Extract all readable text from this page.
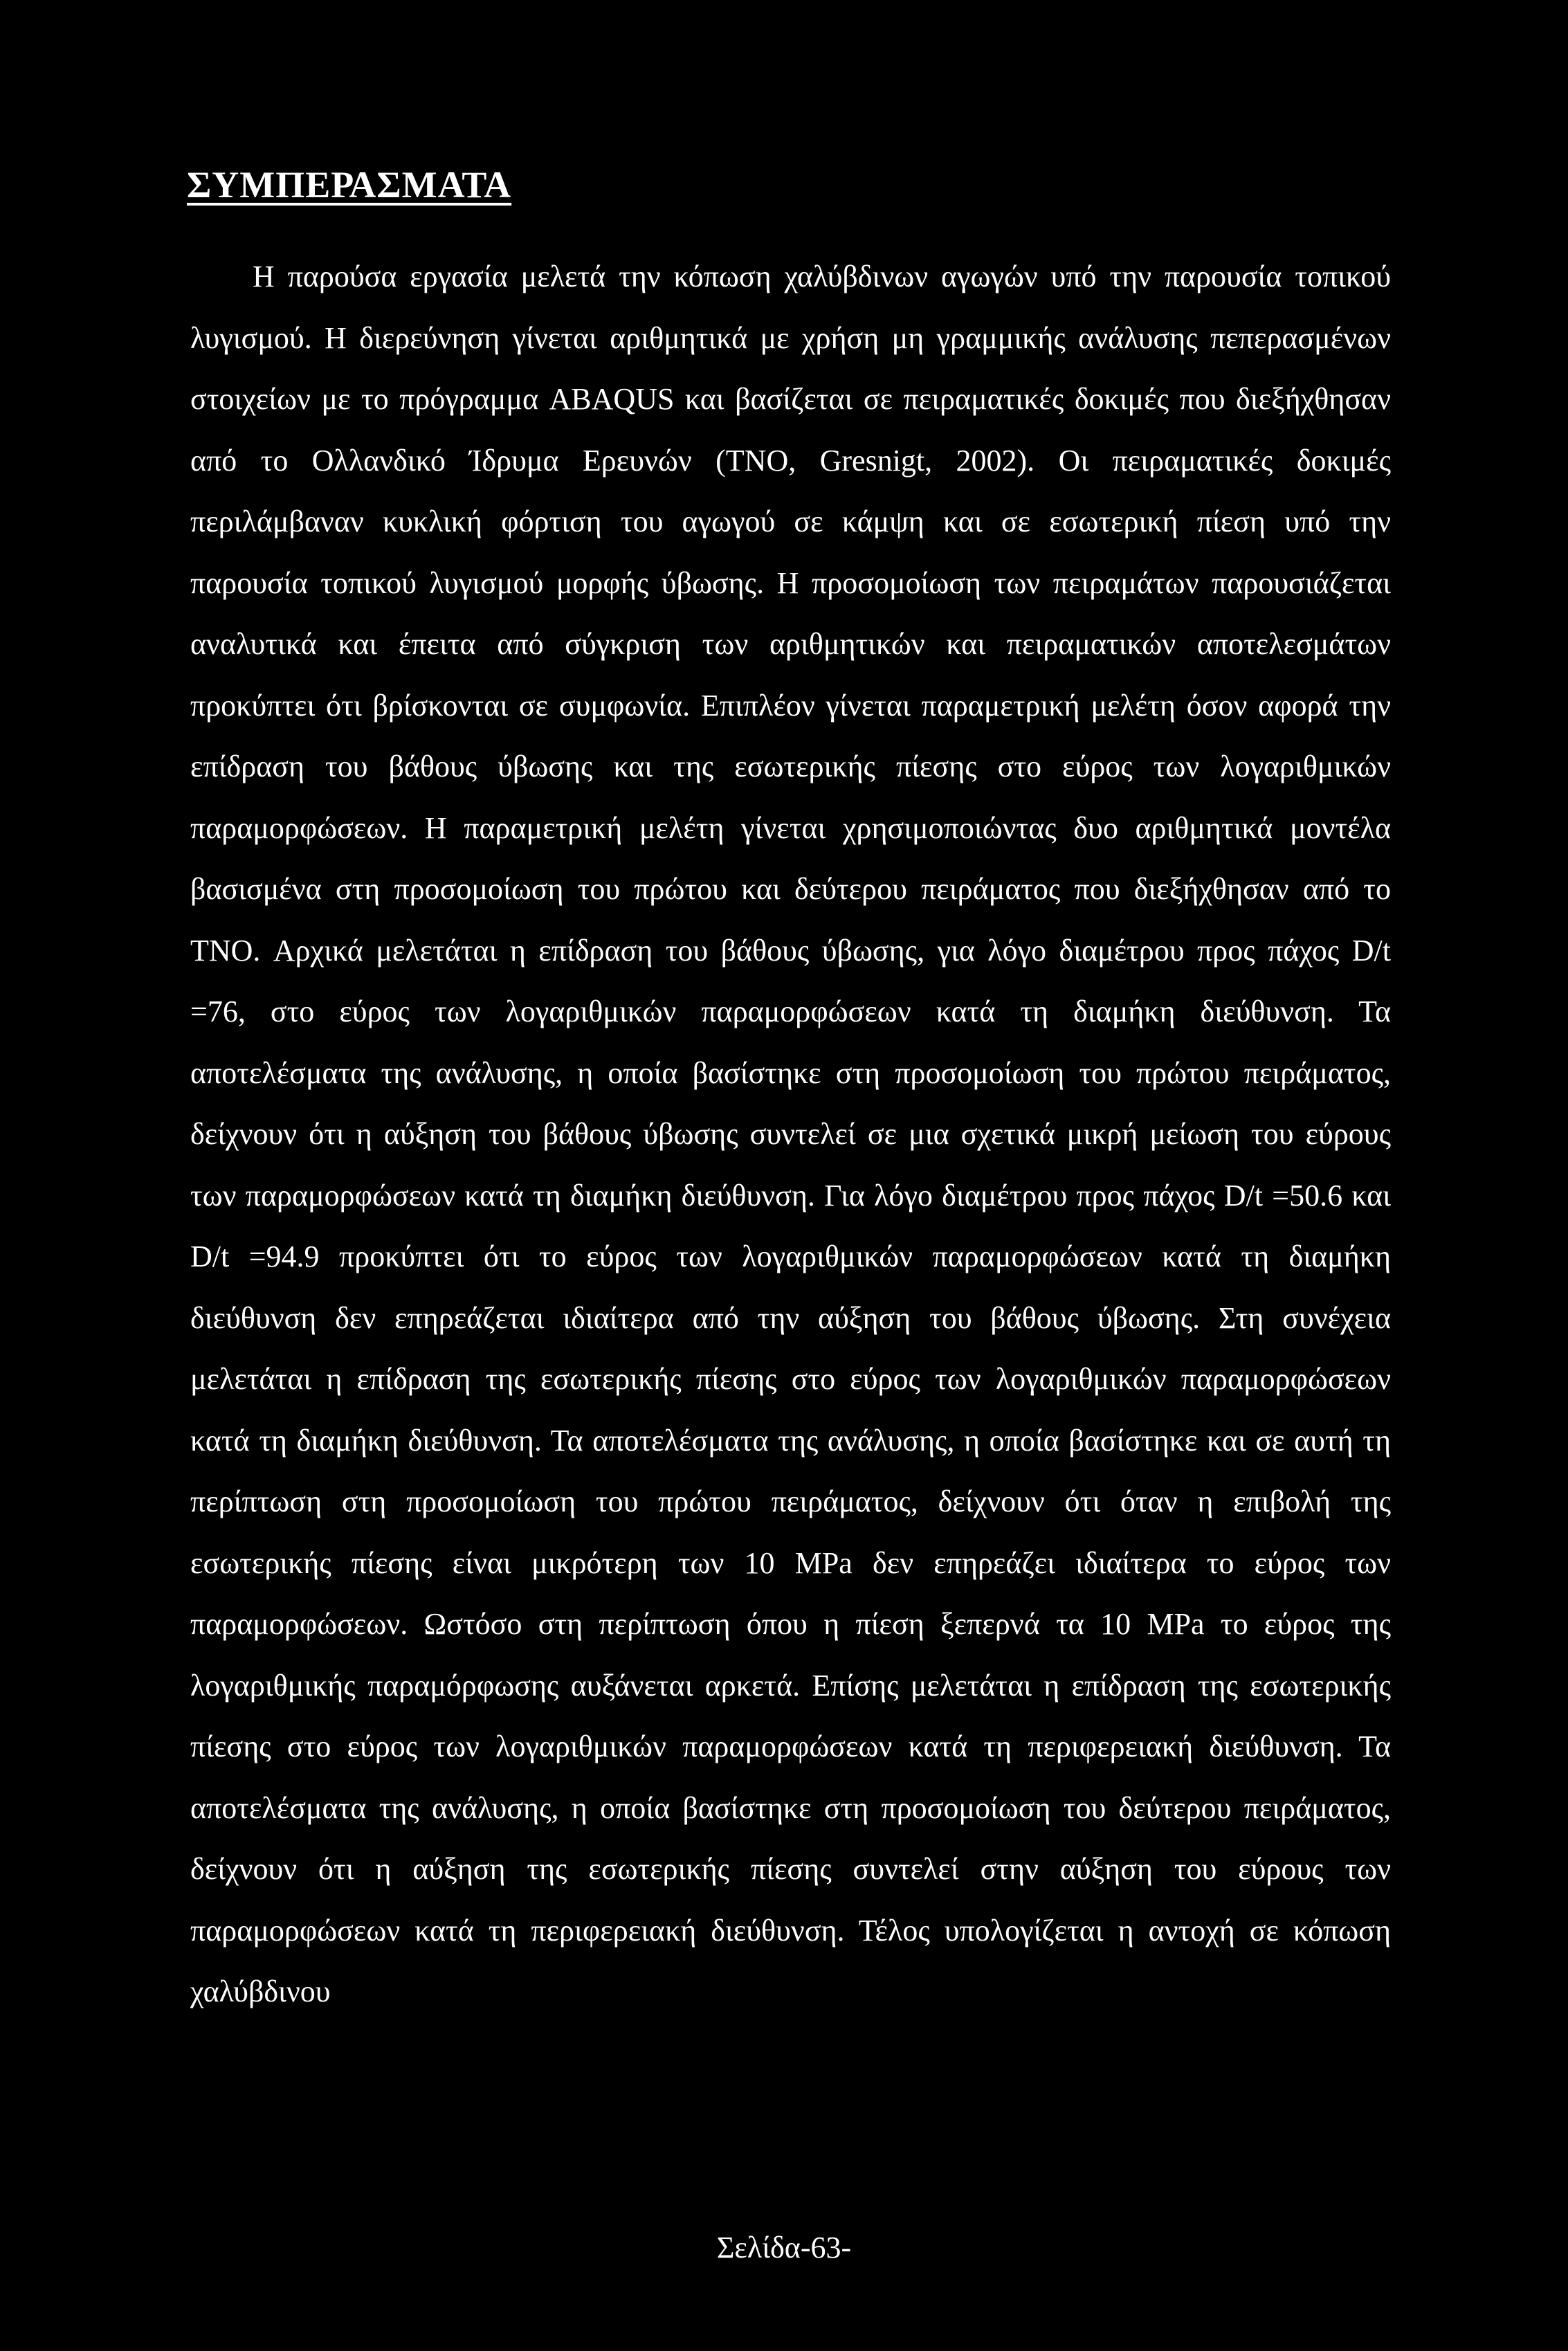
ΣΥΜΠΕΡΑΣΜΑΤΑ

Η παρούσα εργασία μελετά την κόπωση χαλύβδινων αγωγών υπό την παρουσία τοπικού λυγισμού. Η διερεύνηση γίνεται αριθμητικά με χρήση μη γραμμικής ανάλυσης πεπερασμένων στοιχείων με το πρόγραμμα ABAQUS και βασίζεται σε πειραματικές δοκιμές που διεξήχθησαν από το Ολλανδικό Ίδρυμα Ερευνών (TNO, Gresnigt, 2002). Οι πειραματικές δοκιμές περιλάμβαναν κυκλική φόρτιση του αγωγού σε κάμψη και σε εσωτερική πίεση υπό την παρουσία τοπικού λυγισμού μορφής ύβωσης. Η προσομοίωση των πειραμάτων παρουσιάζεται αναλυτικά και έπειτα από σύγκριση των αριθμητικών και πειραματικών αποτελεσμάτων προκύπτει ότι βρίσκονται σε συμφωνία. Επιπλέον γίνεται παραμετρική μελέτη όσον αφορά την επίδραση του βάθους ύβωσης και της εσωτερικής πίεσης στο εύρος των λογαριθμικών παραμορφώσεων. Η παραμετρική μελέτη γίνεται χρησιμοποιώντας δυο αριθμητικά μοντέλα βασισμένα στη προσομοίωση του πρώτου και δεύτερου πειράματος που διεξήχθησαν από το TNO. Αρχικά μελετάται η επίδραση του βάθους ύβωσης, για λόγο διαμέτρου προς πάχος D/t =76, στο εύρος των λογαριθμικών παραμορφώσεων κατά τη διαμήκη διεύθυνση. Τα αποτελέσματα της ανάλυσης, η οποία βασίστηκε στη προσομοίωση του πρώτου πειράματος, δείχνουν ότι η αύξηση του βάθους ύβωσης συντελεί σε μια σχετικά μικρή μείωση του εύρους των παραμορφώσεων κατά τη διαμήκη διεύθυνση. Για λόγο διαμέτρου προς πάχος D/t =50.6 και D/t =94.9 προκύπτει ότι το εύρος των λογαριθμικών παραμορφώσεων κατά τη διαμήκη διεύθυνση δεν επηρεάζεται ιδιαίτερα από την αύξηση του βάθους ύβωσης. Στη συνέχεια μελετάται η επίδραση της εσωτερικής πίεσης στο εύρος των λογαριθμικών παραμορφώσεων κατά τη διαμήκη διεύθυνση. Τα αποτελέσματα της ανάλυσης, η οποία βασίστηκε και σε αυτή τη περίπτωση στη προσομοίωση του πρώτου πειράματος, δείχνουν ότι όταν η επιβολή της εσωτερικής πίεσης είναι μικρότερη των 10 MPa δεν επηρεάζει ιδιαίτερα το εύρος των παραμορφώσεων. Ωστόσο στη περίπτωση όπου η πίεση ξεπερνά τα 10 MPa το εύρος της λογαριθμικής παραμόρφωσης αυξάνεται αρκετά. Επίσης μελετάται η επίδραση της εσωτερικής πίεσης στο εύρος των λογαριθμικών παραμορφώσεων κατά τη περιφερειακή διεύθυνση. Τα αποτελέσματα της ανάλυσης, η οποία βασίστηκε στη προσομοίωση του δεύτερου πειράματος, δείχνουν ότι η αύξηση της εσωτερικής πίεσης συντελεί στην αύξηση του εύρους των παραμορφώσεων κατά τη περιφερειακή διεύθυνση. Τέλος υπολογίζεται η αντοχή σε κόπωση χαλύβδινου

Σελίδα-63-
